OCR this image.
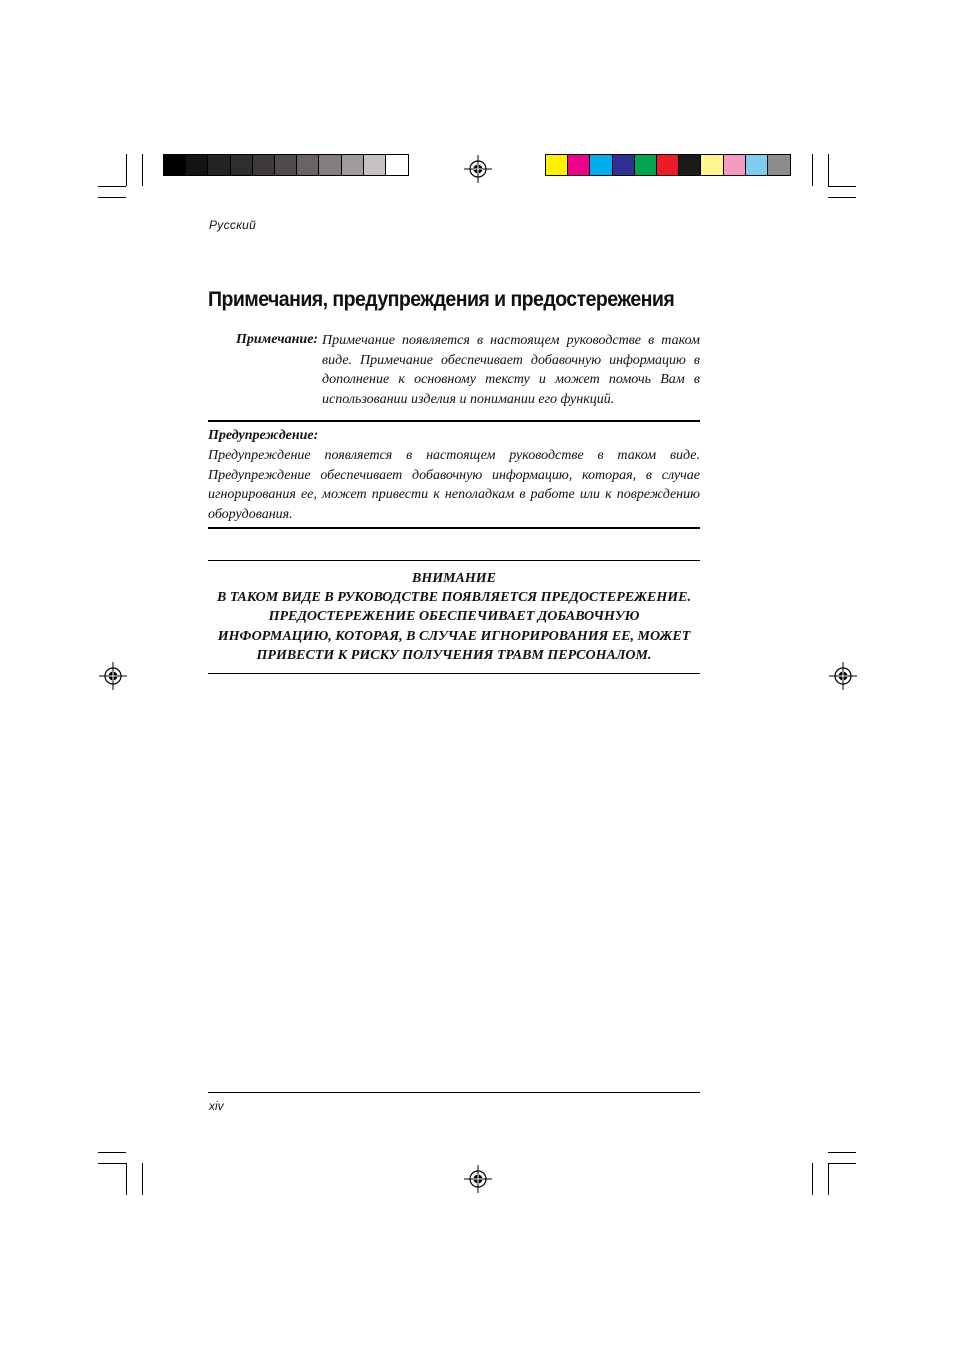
Русский
Примечания, предупреждения и предостережения
Примечание: Примечание появляется в настоящем руководстве в таком виде. Примечание обеспечивает добавочную информацию в дополнение к основному тексту и может помочь Вам в использовании изделия и понимании его функций.
Предупреждение:
Предупреждение появляется в настоящем руководстве в таком виде. Предупреждение обеспечивает добавочную информацию, которая, в случае игнорирования ее, может привести к неполадкам в работе или к повреждению оборудования.
ВНИМАНИЕ
В ТАКОМ ВИДЕ В РУКОВОДСТВЕ ПОЯВЛЯЕТСЯ ПРЕДОСТЕРЕЖЕНИЕ.
ПРЕДОСТЕРЕЖЕНИЕ ОБЕСПЕЧИВАЕТ ДОБАВОЧНУЮ
ИНФОРМАЦИЮ, КОТОРАЯ, В СЛУЧАЕ ИГНОРИРОВАНИЯ ЕЕ, МОЖЕТ
ПРИВЕСТИ К РИСКУ ПОЛУЧЕНИЯ ТРАВМ ПЕРСОНАЛОМ.
xiv
